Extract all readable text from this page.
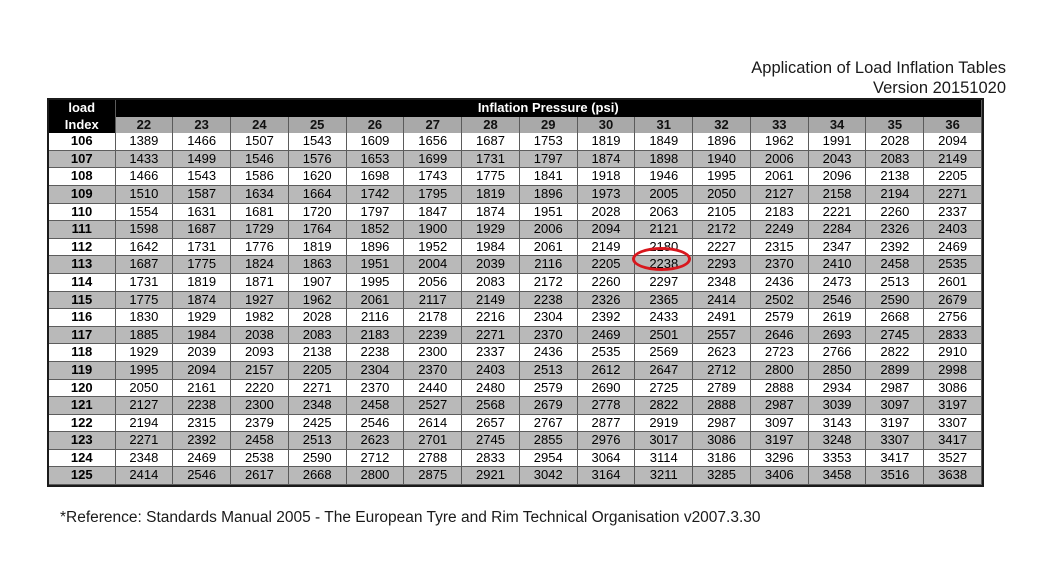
Application of Load Inflation Tables
Version 20151020
load
Index	Inflation Pressure (psi)														
	22	23	24	25	26	27	28	29	30	31	32	33	34	35	36
106	1389	1466	1507	1543	1609	1656	1687	1753	1819	1849	1896	1962	1991	2028	2094
107	1433	1499	1546	1576	1653	1699	1731	1797	1874	1898	1940	2006	2043	2083	2149
108	1466	1543	1586	1620	1698	1743	1775	1841	1918	1946	1995	2061	2096	2138	2205
109	1510	1587	1634	1664	1742	1795	1819	1896	1973	2005	2050	2127	2158	2194	2271
110	1554	1631	1681	1720	1797	1847	1874	1951	2028	2063	2105	2183	2221	2260	2337
111	1598	1687	1729	1764	1852	1900	1929	2006	2094	2121	2172	2249	2284	2326	2403
112	1642	1731	1776	1819	1896	1952	1984	2061	2149	2180	2227	2315	2347	2392	2469
113	1687	1775	1824	1863	1951	2004	2039	2116	2205	2238	2293	2370	2410	2458	2535
114	1731	1819	1871	1907	1995	2056	2083	2172	2260	2297	2348	2436	2473	2513	2601
115	1775	1874	1927	1962	2061	2117	2149	2238	2326	2365	2414	2502	2546	2590	2679
116	1830	1929	1982	2028	2116	2178	2216	2304	2392	2433	2491	2579	2619	2668	2756
117	1885	1984	2038	2083	2183	2239	2271	2370	2469	2501	2557	2646	2693	2745	2833
118	1929	2039	2093	2138	2238	2300	2337	2436	2535	2569	2623	2723	2766	2822	2910
119	1995	2094	2157	2205	2304	2370	2403	2513	2612	2647	2712	2800	2850	2899	2998
120	2050	2161	2220	2271	2370	2440	2480	2579	2690	2725	2789	2888	2934	2987	3086
121	2127	2238	2300	2348	2458	2527	2568	2679	2778	2822	2888	2987	3039	3097	3197
122	2194	2315	2379	2425	2546	2614	2657	2767	2877	2919	2987	3097	3143	3197	3307
123	2271	2392	2458	2513	2623	2701	2745	2855	2976	3017	3086	3197	3248	3307	3417
124	2348	2469	2538	2590	2712	2788	2833	2954	3064	3114	3186	3296	3353	3417	3527
125	2414	2546	2617	2668	2800	2875	2921	3042	3164	3211	3285	3406	3458	3516	3638
*Reference: Standards Manual 2005 - The European Tyre and Rim Technical Organisation v2007.3.30
